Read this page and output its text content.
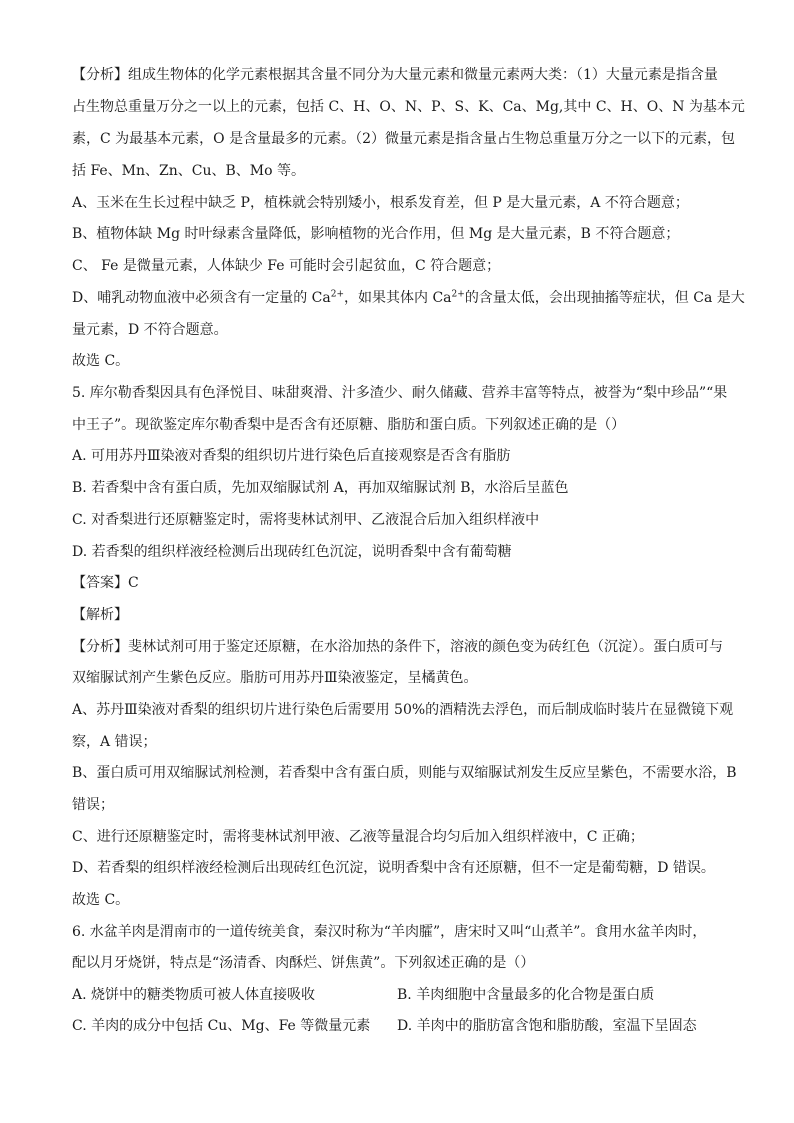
【分析】组成生物体的化学元素根据其含量不同分为大量元素和微量元素两大类：（1）大量元素是指含量
占生物总重量万分之一以上的元素，包括 C、H、O、N、P、S、K、Ca、Mg,其中 C、H、O、N 为基本元
素，C 为最基本元素，O 是含量最多的元素。（2）微量元素是指含量占生物总重量万分之一以下的元素，包
括 Fe、Mn、Zn、Cu、B、Mo 等。
A、玉米在生长过程中缺乏 P，植株就会特别矮小，根系发育差，但 P 是大量元素，A 不符合题意；
B、植物体缺 Mg 时叶绿素含量降低，影响植物的光合作用，但 Mg 是大量元素，B 不符合题意；
C、 Fe 是微量元素，人体缺少 Fe 可能时会引起贫血，C 符合题意；
D、哺乳动物血液中必须含有一定量的 $Ca^{2+}$，如果其体内 $Ca^{2+}$的含量太低，会出现抽搐等症状，但 Ca 是大
量元素，D 不符合题意。
故选 C。
5. 库尔勒香梨因具有色泽悦目、味甜爽滑、汁多渣少、耐久储藏、营养丰富等特点，被誉为“梨中珍品”“果
中王子”。现欲鉴定库尔勒香梨中是否含有还原糖、脂肪和蛋白质。下列叙述正确的是（）
A. 可用苏丹Ⅲ染液对香梨的组织切片进行染色后直接观察是否含有脂肪
B. 若香梨中含有蛋白质，先加双缩脲试剂 A，再加双缩脲试剂 B，水浴后呈蓝色
C. 对香梨进行还原糖鉴定时，需将斐林试剂甲、乙液混合后加入组织样液中
D. 若香梨的组织样液经检测后出现砖红色沉淀，说明香梨中含有葡萄糖
【答案】C
【解析】
【分析】斐林试剂可用于鉴定还原糖，在水浴加热的条件下，溶液的颜色变为砖红色（沉淀）。蛋白质可与
双缩脲试剂产生紫色反应。脂肪可用苏丹Ⅲ染液鉴定，呈橘黄色。
A、苏丹Ⅲ染液对香梨的组织切片进行染色后需要用 50%的酒精洗去浮色，而后制成临时装片在显微镜下观
察，A 错误；
B、蛋白质可用双缩脲试剂检测，若香梨中含有蛋白质，则能与双缩脲试剂发生反应呈紫色，不需要水浴，B
错误；
C、进行还原糖鉴定时，需将斐林试剂甲液、乙液等量混合均匀后加入组织样液中，C 正确；
D、若香梨的组织样液经检测后出现砖红色沉淀，说明香梨中含有还原糖，但不一定是葡萄糖，D 错误。
故选 C。
6. 水盆羊肉是渭南市的一道传统美食，秦汉时称为“羊肉臛”，唐宋时又叫“山煮羊”。食用水盆羊肉时，
配以月牙烧饼，特点是“汤清香、肉酥烂、饼焦黄”。下列叙述正确的是（）
A. 烧饼中的糖类物质可被人体直接吸收	B. 羊肉细胞中含量最多的化合物是蛋白质
C. 羊肉的成分中包括 Cu、Mg、Fe 等微量元素 D. 羊肉中的脂肪富含饱和脂肪酸，室温下呈固态
